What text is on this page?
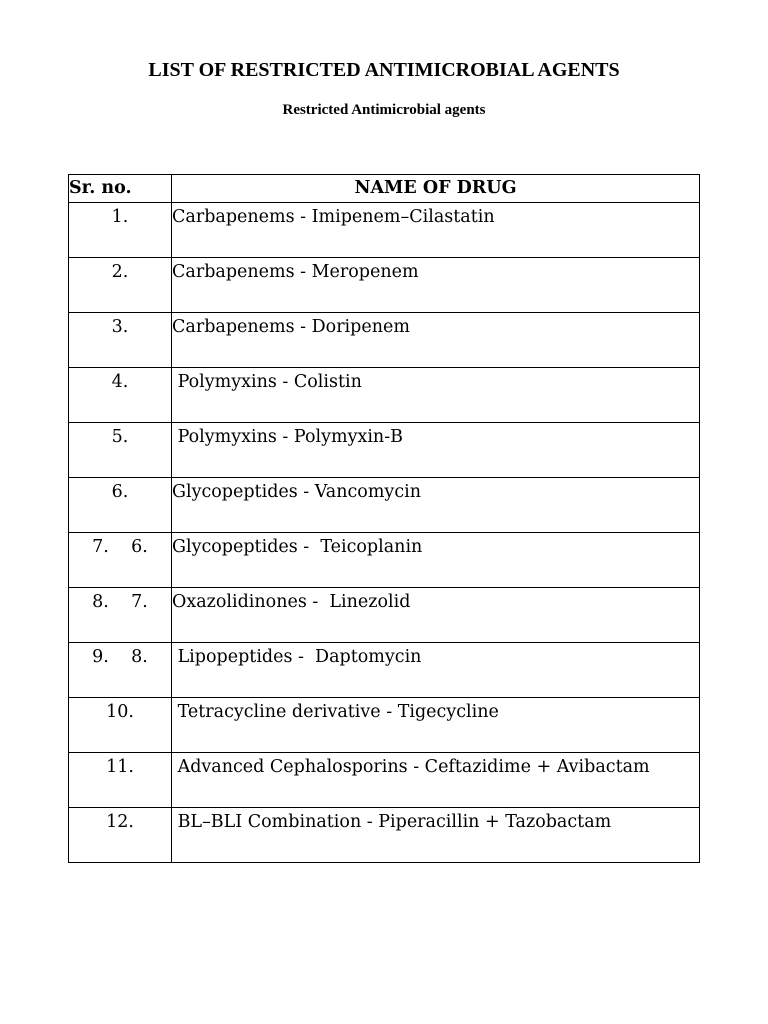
LIST OF RESTRICTED ANTIMICROBIAL AGENTS
Restricted Antimicrobial agents
Sr. no.	NAME OF DRUG
1.	Carbapenems - Imipenem–Cilastatin
2.	Carbapenems - Meropenem
3.	Carbapenems - Doripenem
4.	Polymyxins - Colistin
5.	Polymyxins - Polymyxin-B
6.	Glycopeptides - Vancomycin
7.    6.	Glycopeptides -  Teicoplanin
8.    7.	Oxazolidinones -  Linezolid
9.    8.	Lipopeptides -  Daptomycin
10.	Tetracycline derivative - Tigecycline
11.	Advanced Cephalosporins - Ceftazidime + Avibactam
12.	BL–BLI Combination - Piperacillin + Tazobactam
